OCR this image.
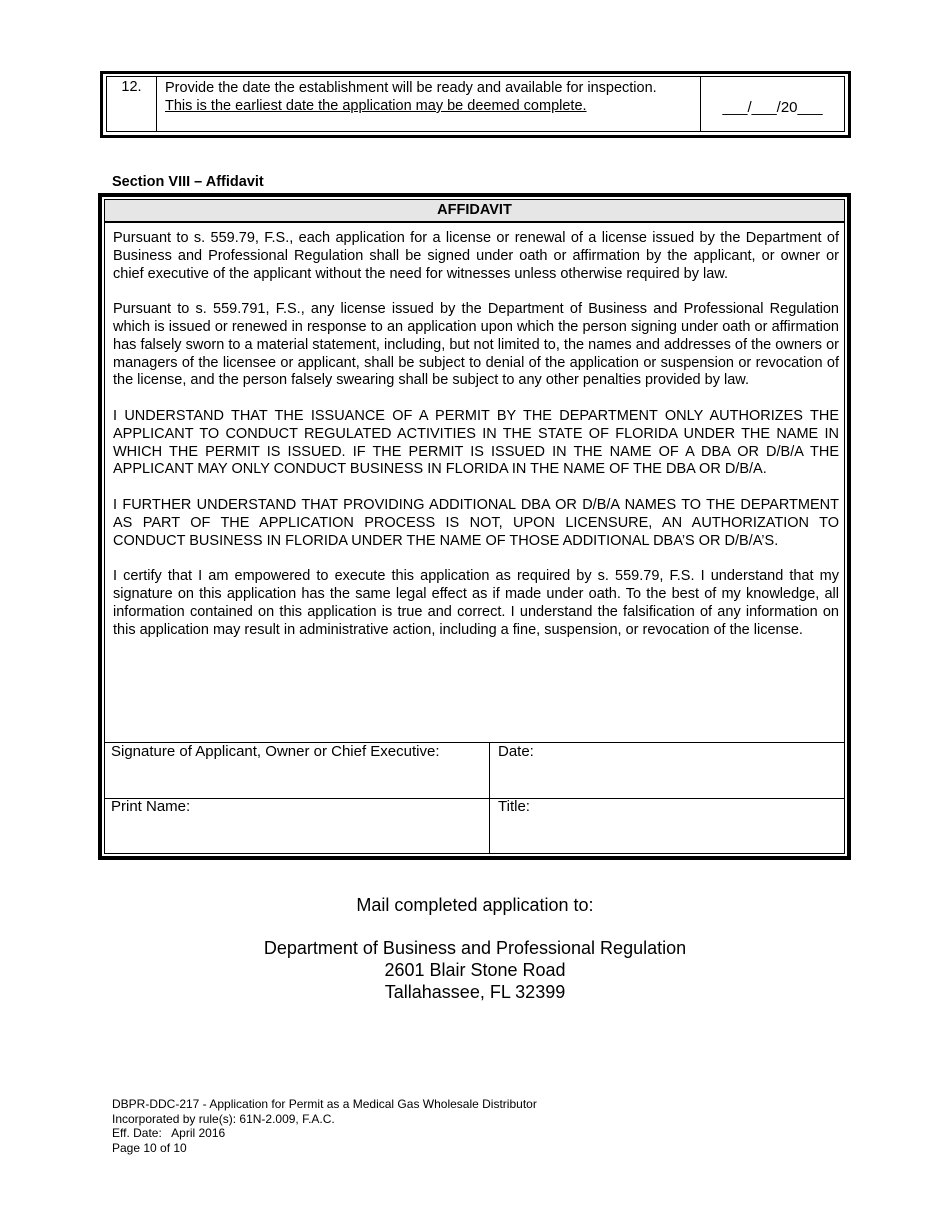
12.	Provide the date the establishment will be ready and available for inspection.
This is the earliest date the application may be deemed complete.	___/___/20___
Section VIII – Affidavit
AFFIDAVIT

Pursuant to s. 559.79, F.S., each application for a license or renewal of a license issued by the Department of Business and Professional Regulation shall be signed under oath or affirmation by the applicant, or owner or chief executive of the applicant without the need for witnesses unless otherwise required by law.

Pursuant to s. 559.791, F.S., any license issued by the Department of Business and Professional Regulation which is issued or renewed in response to an application upon which the person signing under oath or affirmation has falsely sworn to a material statement, including, but not limited to, the names and addresses of the owners or managers of the licensee or applicant, shall be subject to denial of the application or suspension or revocation of the license, and the person falsely swearing shall be subject to any other penalties provided by law.

I UNDERSTAND THAT THE ISSUANCE OF A PERMIT BY THE DEPARTMENT ONLY AUTHORIZES THE APPLICANT TO CONDUCT REGULATED ACTIVITIES IN THE STATE OF FLORIDA UNDER THE NAME IN WHICH THE PERMIT IS ISSUED. IF THE PERMIT IS ISSUED IN THE NAME OF A DBA OR D/B/A THE APPLICANT MAY ONLY CONDUCT BUSINESS IN FLORIDA IN THE NAME OF THE DBA OR D/B/A.

I FURTHER UNDERSTAND THAT PROVIDING ADDITIONAL DBA OR D/B/A NAMES TO THE DEPARTMENT AS PART OF THE APPLICATION PROCESS IS NOT, UPON LICENSURE, AN AUTHORIZATION TO CONDUCT BUSINESS IN FLORIDA UNDER THE NAME OF THOSE ADDITIONAL DBA’S OR D/B/A’S.

I certify that I am empowered to execute this application as required by s. 559.79, F.S. I understand that my signature on this application has the same legal effect as if made under oath. To the best of my knowledge, all information contained on this application is true and correct. I understand the falsification of any information on this application may result in administrative action, including a fine, suspension, or revocation of the license.

Signature of Applicant, Owner or Chief Executive:	Date:
Print Name:	Title:
Mail completed application to:
Department of Business and Professional Regulation
2601 Blair Stone Road
Tallahassee, FL 32399
DBPR-DDC-217 - Application for Permit as a Medical Gas Wholesale Distributor
Incorporated by rule(s): 61N-2.009, F.A.C.
Eff. Date:   April 2016
Page 10 of 10
